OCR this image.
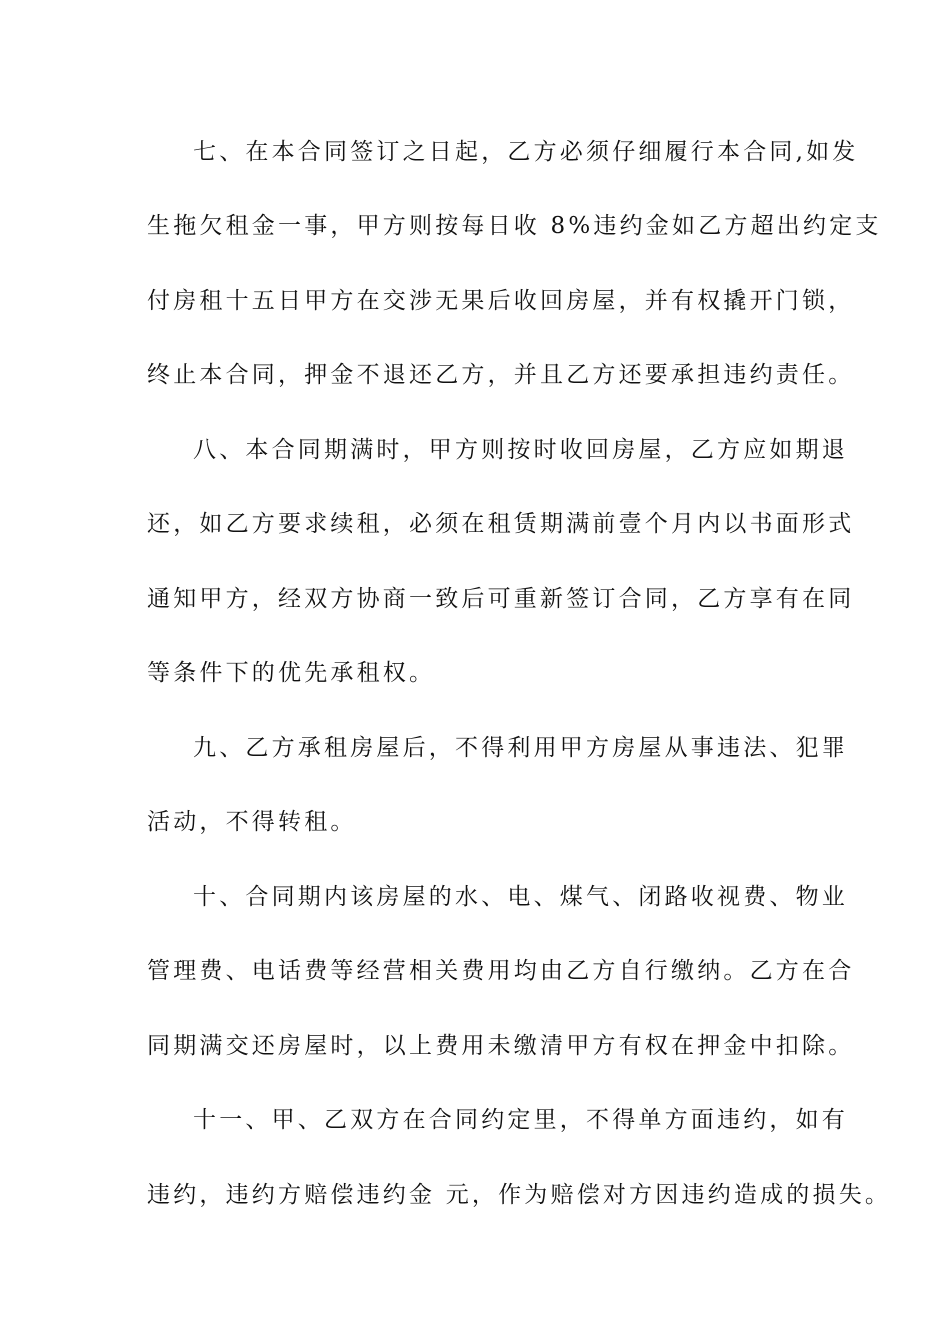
七、在本合同签订之日起，乙方必须仔细履行本合同,如发
生拖欠租金一事，甲方则按每日收 8%违约金如乙方超出约定支
付房租十五日甲方在交涉无果后收回房屋，并有权撬开门锁，
终止本合同，押金不退还乙方，并且乙方还要承担违约责任。
八、本合同期满时，甲方则按时收回房屋，乙方应如期退
还，如乙方要求续租，必须在租赁期满前壹个月内以书面形式
通知甲方，经双方协商一致后可重新签订合同，乙方享有在同
等条件下的优先承租权。
九、乙方承租房屋后，不得利用甲方房屋从事违法、犯罪
活动，不得转租。
十、合同期内该房屋的水、电、煤气、闭路收视费、物业
管理费、电话费等经营相关费用均由乙方自行缴纳。乙方在合
同期满交还房屋时，以上费用未缴清甲方有权在押金中扣除。
十一、甲、乙双方在合同约定里，不得单方面违约，如有
违约，违约方赔偿违约金 元，作为赔偿对方因违约造成的损失。
